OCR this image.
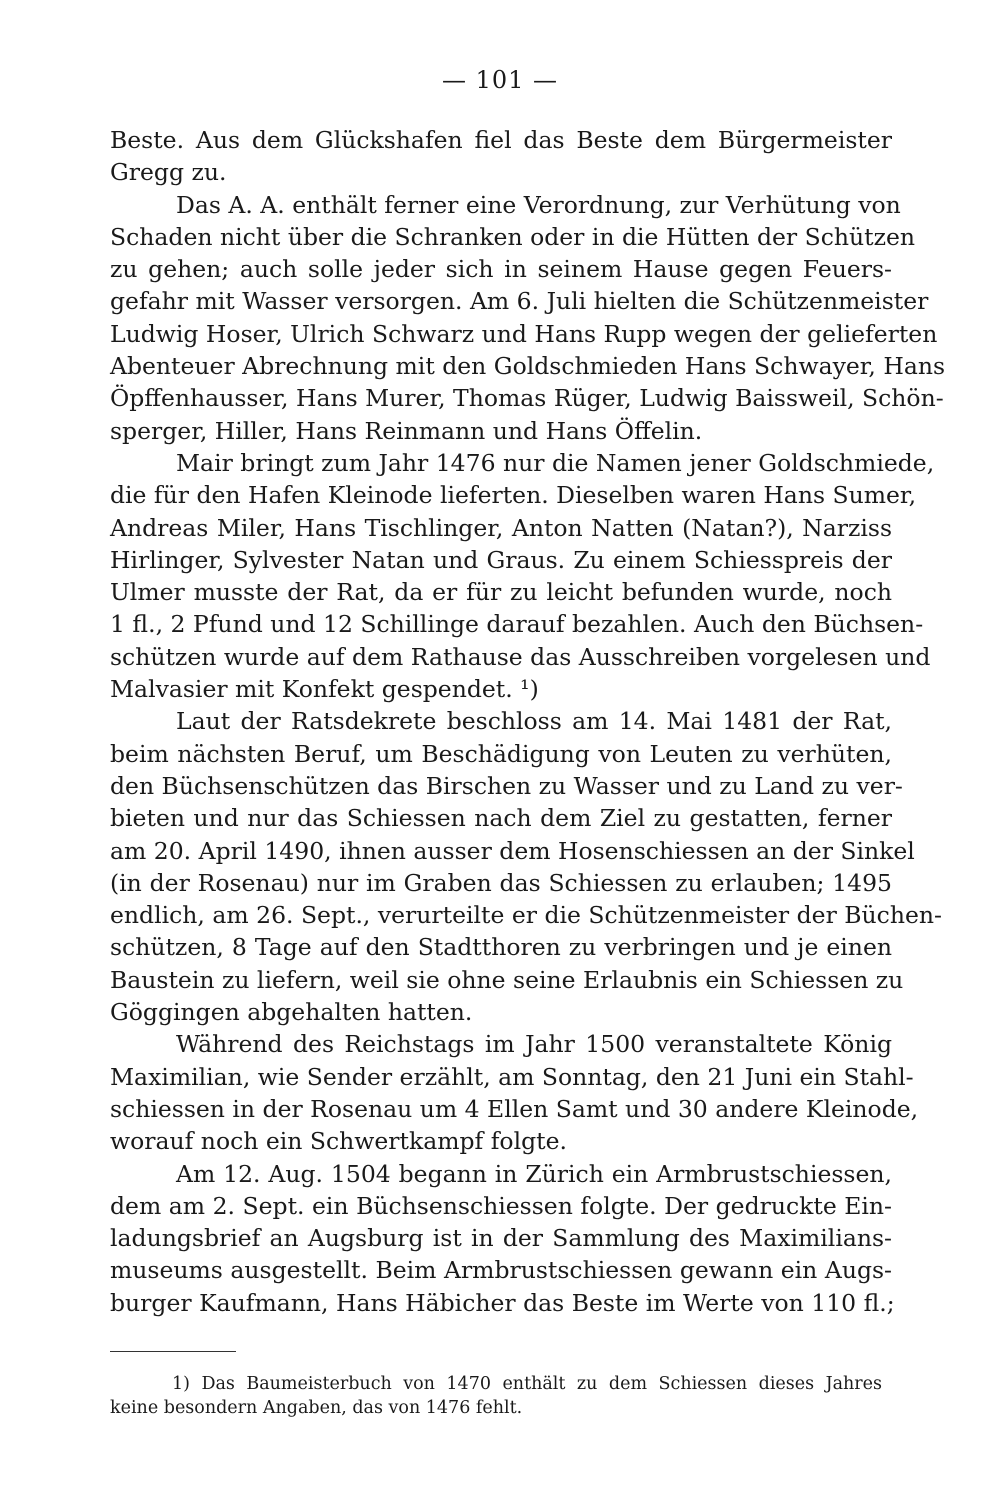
— 101 —
Beste. Aus dem Glückshafen fiel das Beste dem Bürgermeister
Gregg zu.
Das A. A. enthält ferner eine Verordnung, zur Verhütung von
Schaden nicht über die Schranken oder in die Hütten der Schützen
zu gehen; auch solle jeder sich in seinem Hause gegen Feuers-
gefahr mit Wasser versorgen. Am 6. Juli hielten die Schützenmeister
Ludwig Hoser, Ulrich Schwarz und Hans Rupp wegen der gelieferten
Abenteuer Abrechnung mit den Goldschmieden Hans Schwayer, Hans
Öpffenhausser, Hans Murer, Thomas Rüger, Ludwig Baissweil, Schön-
sperger, Hiller, Hans Reinmann und Hans Öffelin.
Mair bringt zum Jahr 1476 nur die Namen jener Goldschmiede,
die für den Hafen Kleinode lieferten. Dieselben waren Hans Sumer,
Andreas Miler, Hans Tischlinger, Anton Natten (Natan?), Narziss
Hirlinger, Sylvester Natan und Graus. Zu einem Schiesspreis der
Ulmer musste der Rat, da er für zu leicht befunden wurde, noch
1 fl., 2 Pfund und 12 Schillinge darauf bezahlen. Auch den Büchsen-
schützen wurde auf dem Rathause das Ausschreiben vorgelesen und
Malvasier mit Konfekt gespendet. ¹)
Laut der Ratsdekrete beschloss am 14. Mai 1481 der Rat,
beim nächsten Beruf, um Beschädigung von Leuten zu verhüten,
den Büchsenschützen das Birschen zu Wasser und zu Land zu ver-
bieten und nur das Schiessen nach dem Ziel zu gestatten, ferner
am 20. April 1490, ihnen ausser dem Hosenschiessen an der Sinkel
(in der Rosenau) nur im Graben das Schiessen zu erlauben; 1495
endlich, am 26. Sept., verurteilte er die Schützenmeister der Büchen-
schützen, 8 Tage auf den Stadtthoren zu verbringen und je einen
Baustein zu liefern, weil sie ohne seine Erlaubnis ein Schiessen zu
Göggingen abgehalten hatten.
Während des Reichstags im Jahr 1500 veranstaltete König
Maximilian, wie Sender erzählt, am Sonntag, den 21 Juni ein Stahl-
schiessen in der Rosenau um 4 Ellen Samt und 30 andere Kleinode,
worauf noch ein Schwertkampf folgte.
Am 12. Aug. 1504 begann in Zürich ein Armbrustschiessen,
dem am 2. Sept. ein Büchsenschiessen folgte. Der gedruckte Ein-
ladungsbrief an Augsburg ist in der Sammlung des Maximilians-
museums ausgestellt. Beim Armbrustschiessen gewann ein Augs-
burger Kaufmann, Hans Häbicher das Beste im Werte von 110 fl.;
1) Das Baumeisterbuch von 1470 enthält zu dem Schiessen dieses Jahres
keine besondern Angaben, das von 1476 fehlt.
